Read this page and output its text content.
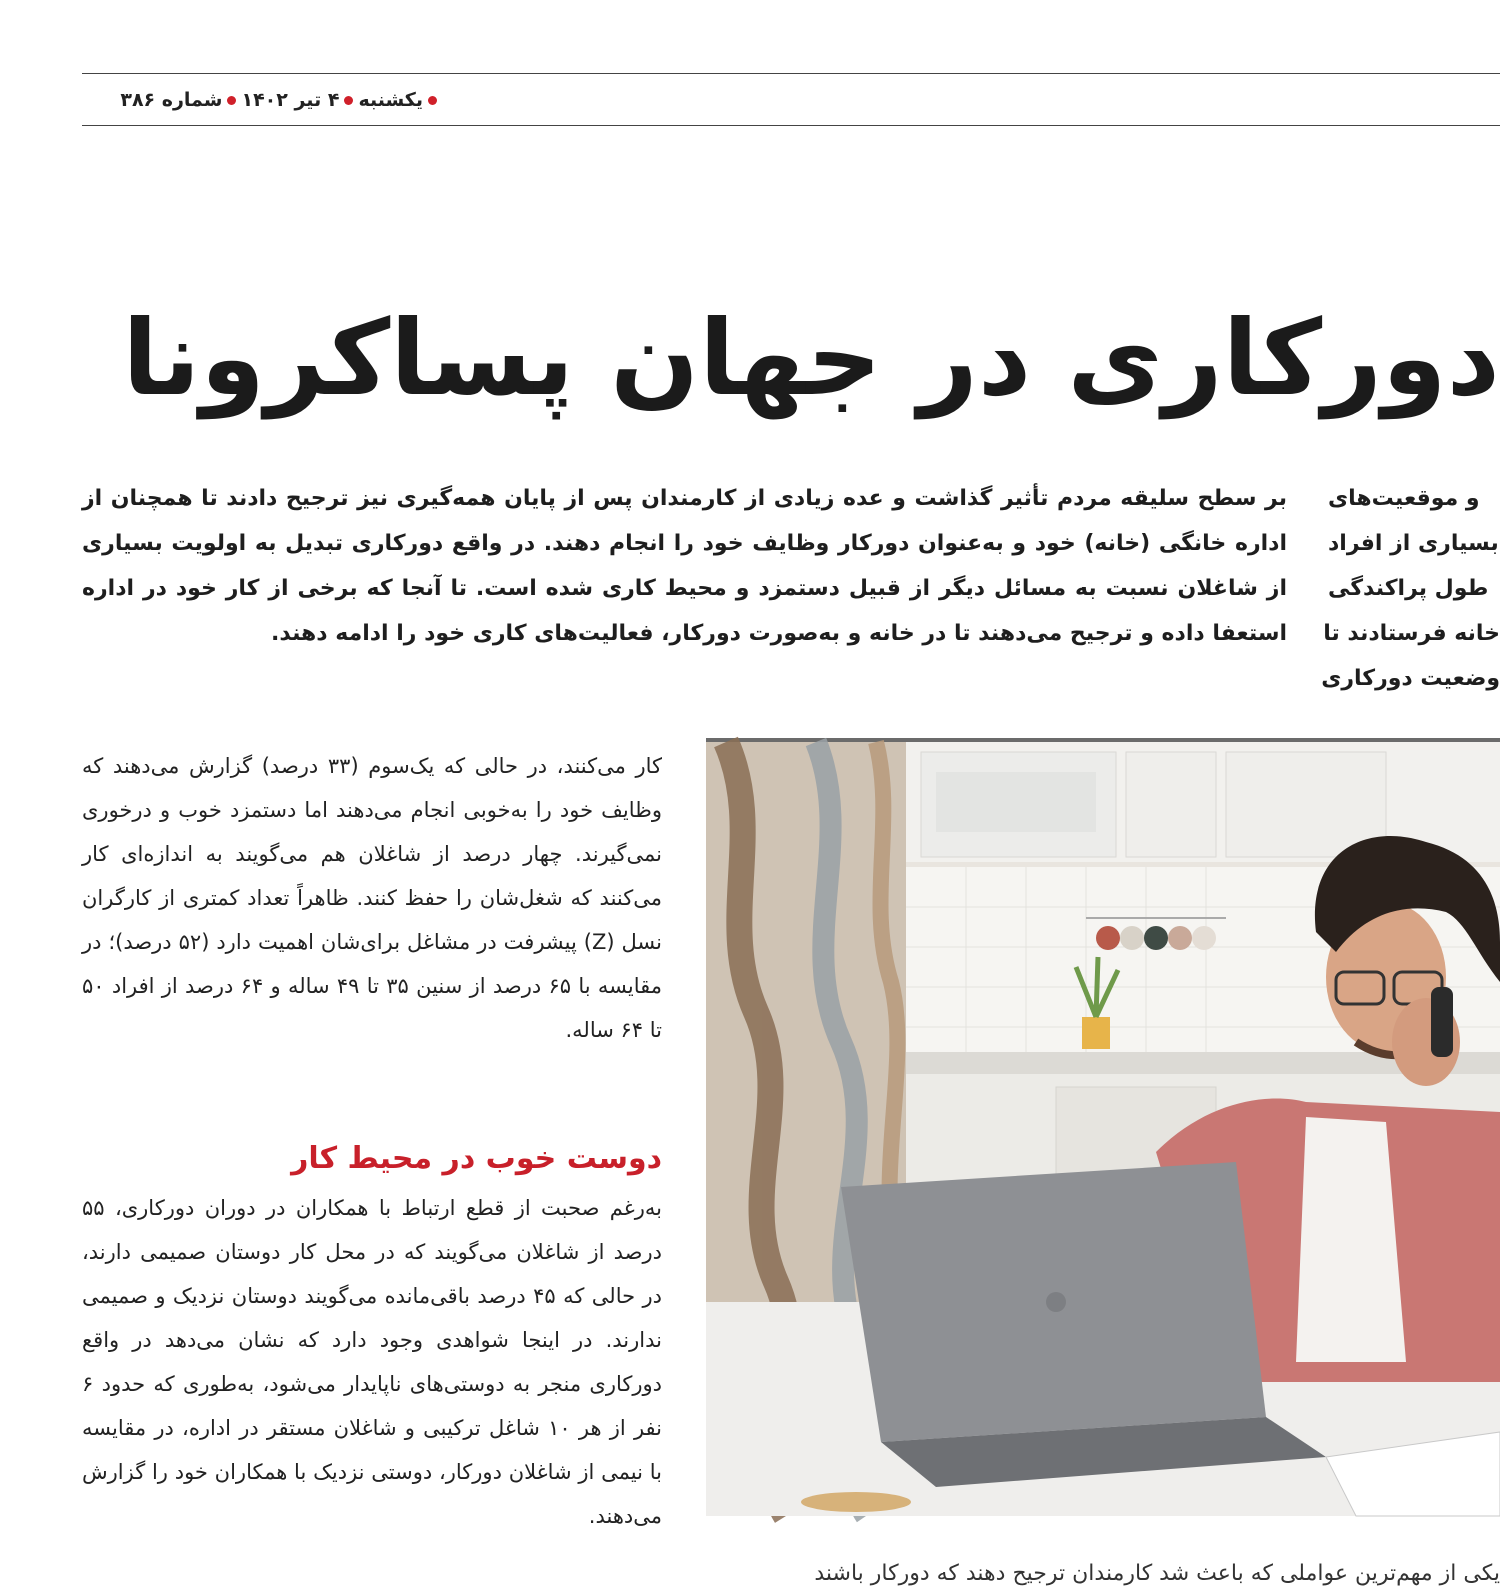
یکشنبه
۴ تیر ۱۴۰۲
شماره ۳۸۶
دورکاری در جهان پساکرونا
بر سطح سلیقه مردم تأثیر گذاشت و عده زیادی از کارمندان پس از پایان همه‌گیری نیز ترجیح دادند تا همچنان از اداره خانگی (خانه) خود و به‌عنوان دورکار وظایف خود را انجام دهند. در واقع دورکاری تبدیل به اولویت بسیاری از شاغلان نسبت به مسائل دیگر از قبیل دستمزد و محیط کاری شده است. تا آنجا که برخی از کار خود در اداره استعفا داده و ترجیح می‌دهند تا در خانه و به‌صورت دورکار، فعالیت‌های کاری خود را ادامه دهند.
و موقعیت‌های
بسیاری از افراد
طول پراکندگی
خانه فرستادند تا
وضعیت دورکاری
کار می‌کنند، در حالی که یک‌سوم (۳۳ درصد) گزارش می‌دهند که وظایف خود را به‌خوبی انجام می‌دهند اما دستمزد خوب و درخوری نمی‌گیرند. چهار درصد از شاغلان هم می‌گویند به اندازه‌ای کار می‌کنند که شغل‌شان را حفظ کنند. ظاهراً تعداد کمتری از کارگران نسل (Z) پیشرفت در مشاغل برای‌شان اهمیت دارد (۵۲ درصد)؛ در مقایسه با ۶۵ درصد از سنین ۳۵ تا ۴۹ ساله و ۶۴ درصد از افراد ۵۰ تا ۶۴ ساله.
دوست خوب در محیط کار
به‌رغم صحبت از قطع ارتباط با همکاران در دوران دورکاری، ۵۵ درصد از شاغلان می‌گویند که در محل کار دوستان صمیمی دارند، در حالی که ۴۵ درصد باقی‌مانده می‌گویند دوستان نزدیک و صمیمی ندارند. در اینجا شواهدی وجود دارد که نشان می‌دهد در واقع دورکاری منجر به دوستی‌های ناپایدار می‌شود، به‌طوری که حدود ۶ نفر از هر ۱۰ شاغل ترکیبی و شاغلان مستقر در اداره، در مقایسه با نیمی از شاغلان دورکار، دوستی نزدیک با همکاران خود را گزارش می‌دهند.
یکی از مهم‌ترین عواملی که باعث شد کارمندان ترجیح دهند که دورکار باشند
